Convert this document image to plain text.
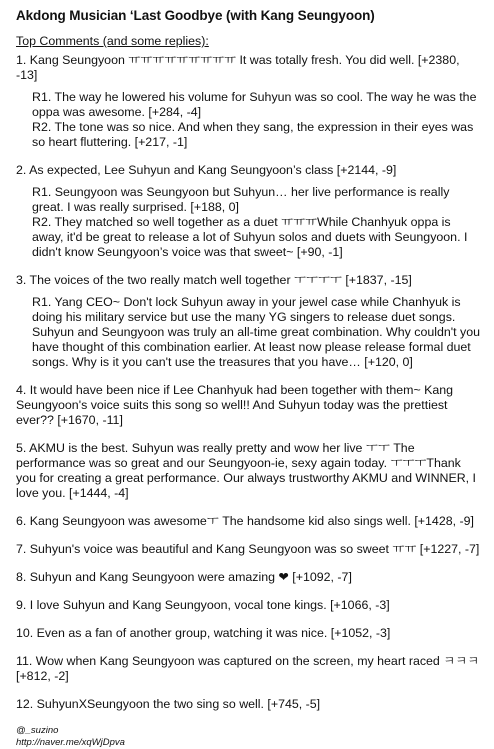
Akdong Musician ‘Last Goodbye (with Kang Seungyoon)
Top Comments (and some replies):

1. Kang Seungyoon ㅠㅠㅠㅠㅠㅠㅠㅠㅠ It was totally fresh. You did well. [+2380, -13]

R1. The way he lowered his volume for Suhyun was so cool. The way he was the oppa was awesome. [+284, -4]

R2. The tone was so nice. And when they sang, the expression in their eyes was so heart fluttering. [+217, -1]

2. As expected, Lee Suhyun and Kang Seungyoon’s class [+2144, -9]

R1. Seungyoon was Seungyoon but Suhyun… her live performance is really great. I was really surprised. [+188, 0]

R2. They matched so well together as a duet ㅠㅠㅠWhile Chanhyuk oppa is away, it'd be great to release a lot of Suhyun solos and duets with Seungyoon. I didn't know Seungyoon’s voice was that sweet~ [+90, -1]

3. The voices of the two really match well together ㅜㅜㅜㅜ [+1837, -15]

R1. Yang CEO~ Don't lock Suhyun away in your jewel case while Chanhyuk is doing his military service but use the many YG singers to release duet songs. Suhyun and Seungyoon was truly an all-time great combination. Why couldn't you have thought of this combination earlier. At least now please release formal duet songs. Why is it you can't use the treasures that you have… [+120, 0]

4. It would have been nice if Lee Chanhyuk had been together with them~ Kang Seungyoon's voice suits this song so well!! And Suhyun today was the prettiest ever?? [+1670, -11]

5. AKMU is the best. Suhyun was really pretty and wow her live ㅜㅜ The performance was so great and our Seungyoon-ie, sexy again today. ㅜㅜㅜThank you for creating a great performance. Our always trustworthy AKMU and WINNER, I love you. [+1444, -4]

6. Kang Seungyoon was awesomeㅜ The handsome kid also sings well. [+1428, -9]

7. Suhyun's voice was beautiful and Kang Seungyoon was so sweet ㅠㅠ [+1227, -7]

8. Suhyun and Kang Seungyoon were amazing ❤ [+1092, -7]

9. I love Suhyun and Kang Seungyoon, vocal tone kings. [+1066, -3]

10. Even as a fan of another group, watching it was nice. [+1052, -3]

11. Wow when Kang Seungyoon was captured on the screen, my heart raced ㅋㅋㅋ [+812, -2]

12. SuhyunXSeungyoon the two sing so well. [+745, -5]

@_suzino
http://naver.me/xqWjDpva
